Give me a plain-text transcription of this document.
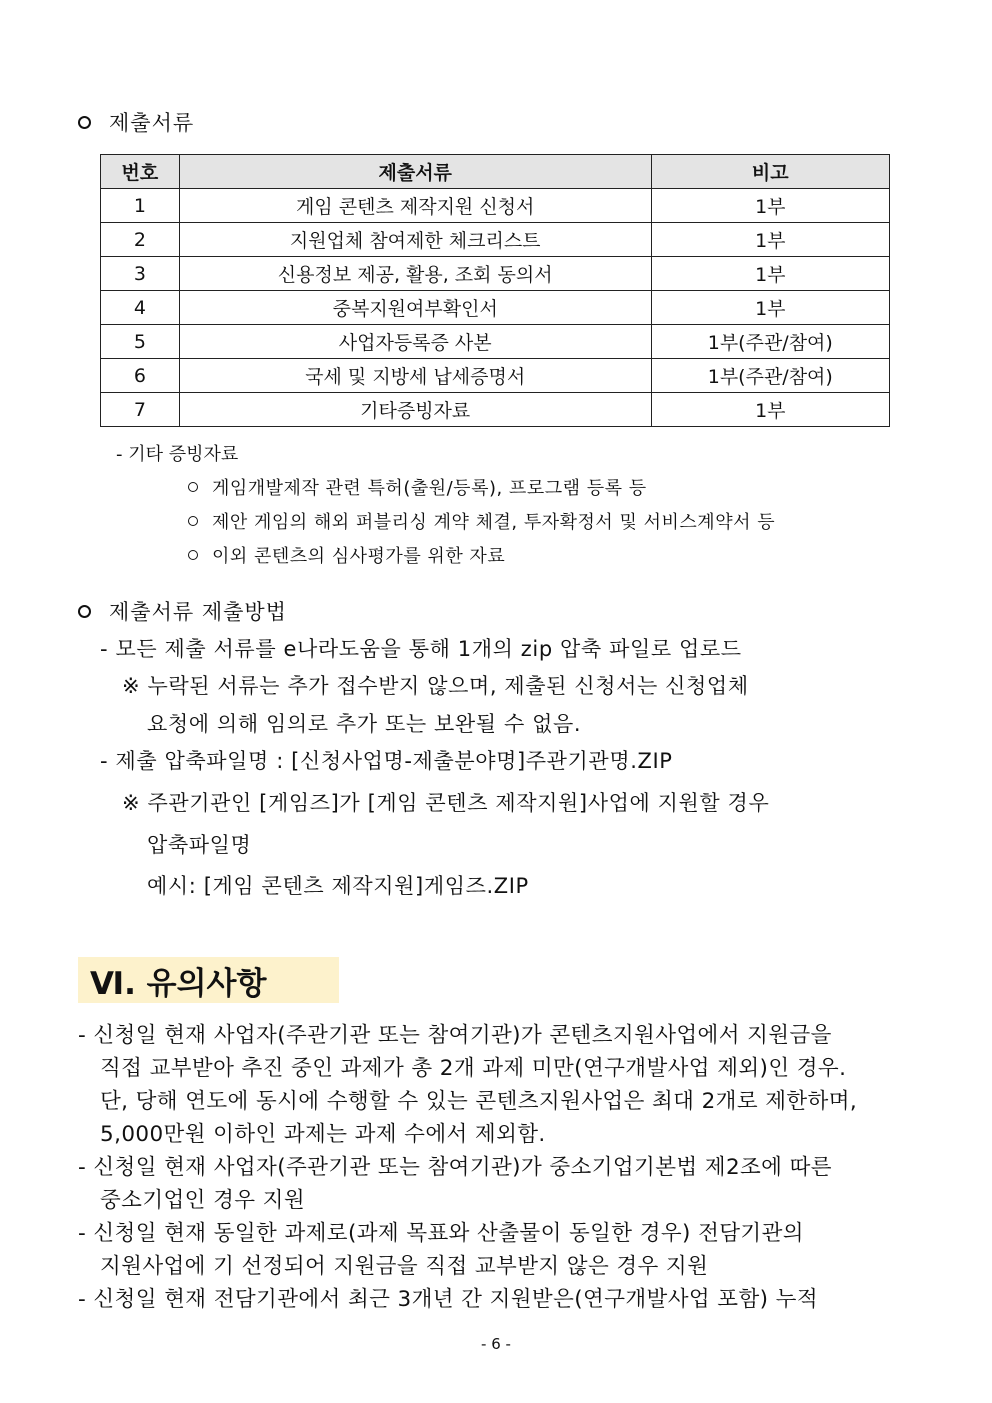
제출서류
번호	제출서류	비고
1	게임 콘텐츠 제작지원 신청서	1부
2	지원업체 참여제한 체크리스트	1부
3	신용정보 제공, 활용, 조회 동의서	1부
4	중복지원여부확인서	1부
5	사업자등록증 사본	1부(주관/참여)
6	국세 및 지방세 납세증명서	1부(주관/참여)
7	기타증빙자료	1부
- 기타 증빙자료
게임개발제작 관련 특허(출원/등록), 프로그램 등록 등
제안 게임의 해외 퍼블리싱 계약 체결, 투자확정서 및 서비스계약서 등
이외 콘텐츠의 심사평가를 위한 자료
제출서류 제출방법
- 모든 제출 서류를 e나라도움을 통해 1개의 zip 압축 파일로 업로드
※ 누락된 서류는 추가 접수받지 않으며, 제출된 신청서는 신청업체
요청에 의해 임의로 추가 또는 보완될 수 없음.
- 제출 압축파일명 : [신청사업명-제출분야명]주관기관명.ZIP
※ 주관기관인 [게임즈]가 [게임 콘텐츠 제작지원]사업에 지원할 경우
압축파일명
예시: [게임 콘텐츠 제작지원]게임즈.ZIP
Ⅵ. 유의사항
- 신청일 현재 사업자(주관기관 또는 참여기관)가 콘텐츠지원사업에서 지원금을
직접 교부받아 추진 중인 과제가 총 2개 과제 미만(연구개발사업 제외)인 경우.
단, 당해 연도에 동시에 수행할 수 있는 콘텐츠지원사업은 최대 2개로 제한하며,
5,000만원 이하인 과제는 과제 수에서 제외함.
- 신청일 현재 사업자(주관기관 또는 참여기관)가 중소기업기본법 제2조에 따른
중소기업인 경우 지원
- 신청일 현재 동일한 과제로(과제 목표와 산출물이 동일한 경우) 전담기관의
지원사업에 기 선정되어 지원금을 직접 교부받지 않은 경우 지원
- 신청일 현재 전담기관에서 최근 3개년 간 지원받은(연구개발사업 포함) 누적
- 6 -
